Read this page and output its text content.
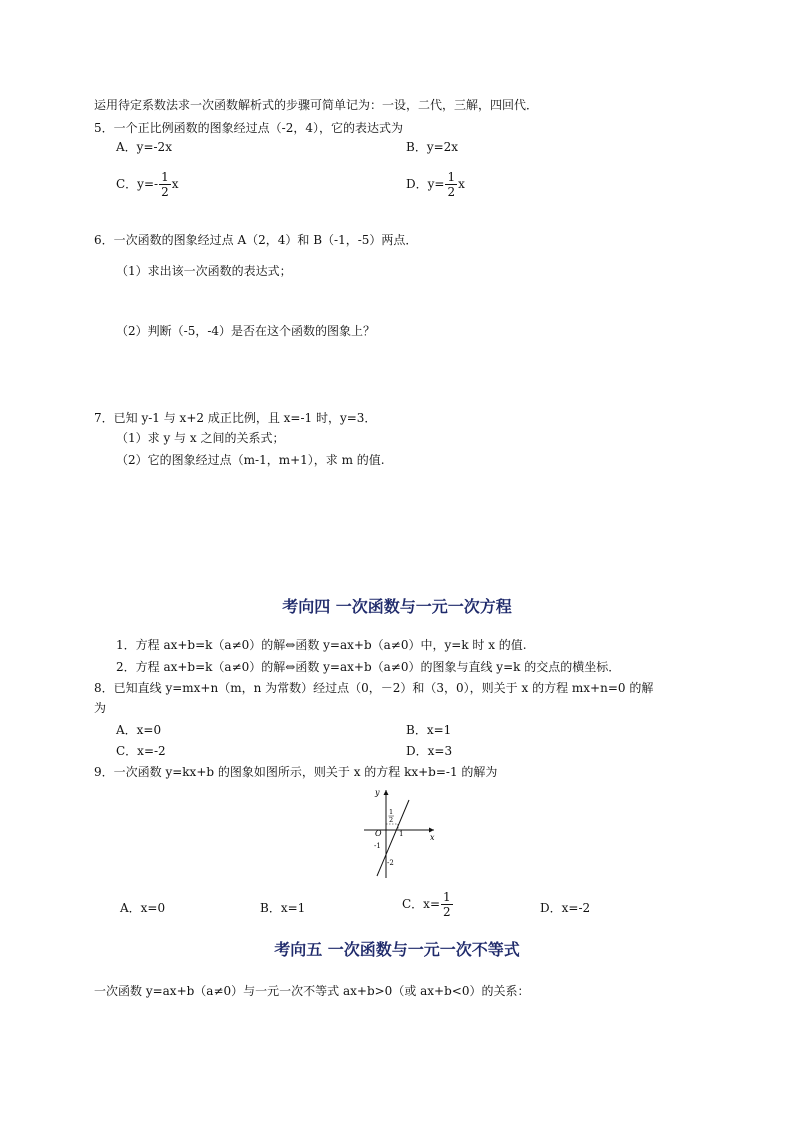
运用待定系数法求一次函数解析式的步骤可简单记为：一设，二代，三解，四回代．
5．一个正比例函数的图象经过点（-2，4），它的表达式为
A．y=-2x	B．y=2x
C．$y=- \frac{1}{2}$ x	D．$y= \frac{1}{2}$ x
6．一次函数的图象经过点 A（2，4）和 B（-1，-5）两点．
（1）求出该一次函数的表达式；
（2）判断（-5，-4）是否在这个函数的图象上？
7．已知 y-1 与 x+2 成正比例，且 x=-1 时，y=3．
（1）求 y 与 x 之间的关系式；
（2）它的图象经过点（m-1，m+1），求 m 的值.
考向四 一次函数与一元一次方程
1．方程 ax+b=k（a≠0）的解⇔函数 y=ax+b（a≠0）中，y=k 时 x 的值.
2．方程 ax+b=k（a≠0）的解⇔函数 y=ax+b（a≠0）的图象与直线 y=k 的交点的横坐标．
8．已知直线 y=mx+n（m，n 为常数）经过点（0，－2）和（3，0），则关于 x 的方程 mx+n=0 的解
为
A．x=0	B．x=1
C．x=-2	D．x=3
9．一次函数 y=kx+b 的图象如图所示，则关于 x 的方程 kx+b=-1 的解为
y
x
O 1
1
2
-1
-2
A．x=0	B．x=1	C．$x= \frac{1}{2}$	D．x=-2
考向五 一次函数与一元一次不等式
一次函数 y=ax+b（a≠0）与一元一次不等式 ax+b>0（或 ax+b<0）的关系：
